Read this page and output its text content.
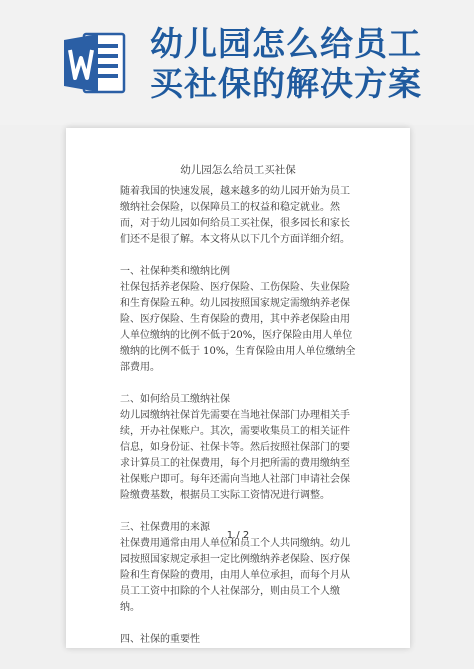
幼儿园怎么给员工
买社保的解决方案
幼儿园怎么给员工买社保

随着我国的快速发展，越来越多的幼儿园开始为员工缴纳社会保险，以保障员工的权益和稳定就业。然而，对于幼儿园如何给员工买社保，很多园长和家长们还不是很了解。本文将从以下几个方面详细介绍。

一、社保种类和缴纳比例

社保包括养老保险、医疗保险、工伤保险、失业保险和生育保险五种。幼儿园按照国家规定需缴纳养老保险、医疗保险、生育保险的费用，其中养老保险由用人单位缴纳的比例不低于20%，医疗保险由用人单位缴纳的比例不低于 10%，生育保险由用人单位缴纳全部费用。

二、如何给员工缴纳社保

幼儿园缴纳社保首先需要在当地社保部门办理相关手续，开办社保账户。其次，需要收集员工的相关证件信息，如身份证、社保卡等。然后按照社保部门的要求计算员工的社保费用，每个月把所需的费用缴纳至社保账户即可。每年还需向当地人社部门申请社会保险缴费基数，根据员工实际工资情况进行调整。

三、社保费用的来源

社保费用通常由用人单位和员工个人共同缴纳。幼儿园按照国家规定承担一定比例缴纳养老保险、医疗保险和生育保险的费用，由用人单位承担，而每个月从员工工资中扣除的个人社保部分，则由员工个人缴纳。

四、社保的重要性

1 / 2
